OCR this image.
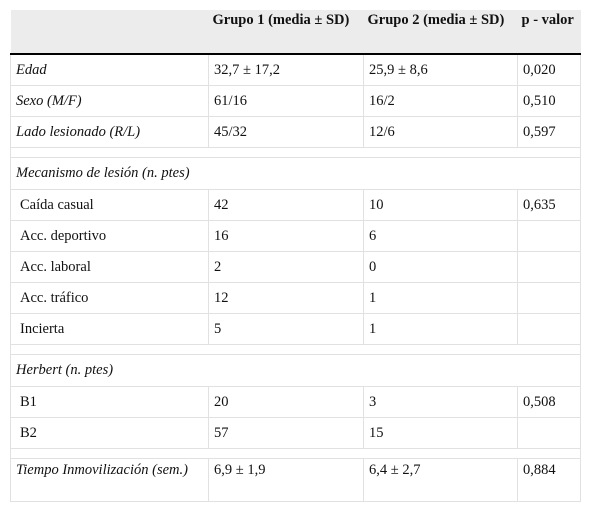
	Grupo 1 (media ± SD)	Grupo 2 (media ± SD)	p - valor
Edad	32,7 ± 17,2	25,9 ± 8,6	0,020
Sexo (M/F)	61/16	16/2	0,510
Lado lesionado (R/L)	45/32	12/6	0,597

Mecanismo de lesión (n. ptes)			
Caída casual	42	10	0,635
Acc. deportivo	16	6	
Acc. laboral	2	0	
Acc. tráfico	12	1	
Incierta	5	1	

Herbert (n. ptes)			
B1	20	3	0,508
B2	57	15	

Tiempo Inmovilización (sem.)	6,9 ± 1,9	6,4 ± 2,7	0,884
